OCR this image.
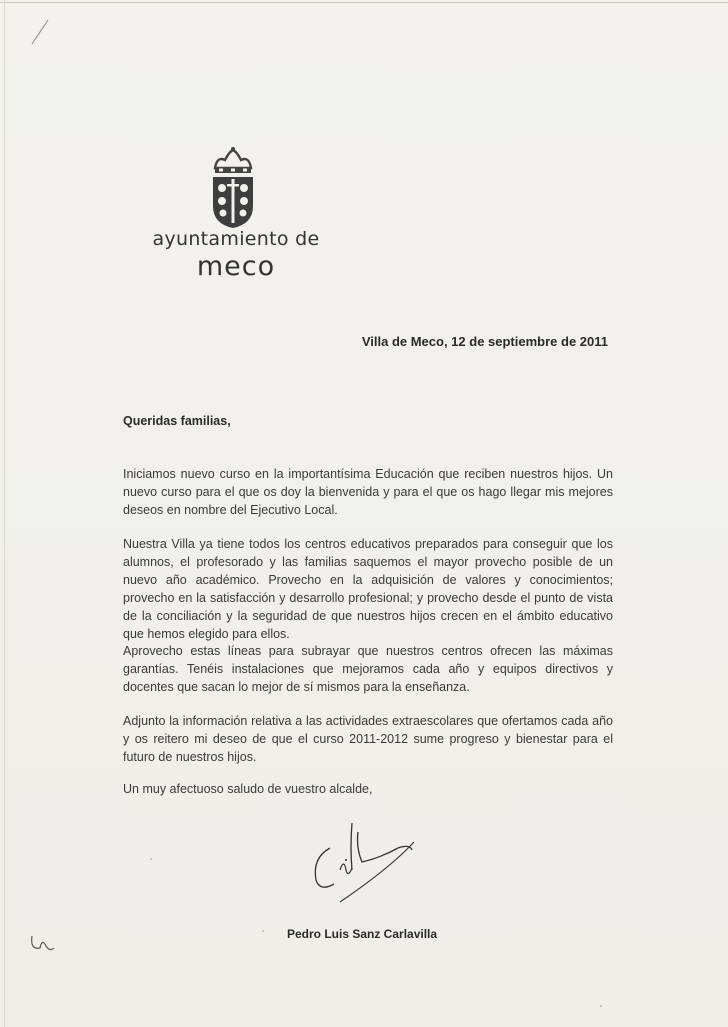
ayuntamiento de
meco
Villa de Meco, 12 de septiembre de 2011
Queridas familias,
Iniciamos nuevo curso en la importantísima Educación que reciben nuestros hijos. Un nuevo curso para el que os doy la bienvenida y para el que os hago llegar mis mejores deseos en nombre del Ejecutivo Local.
Nuestra Villa ya tiene todos los centros educativos preparados para conseguir que los alumnos, el profesorado y las familias saquemos el mayor provecho posible de un nuevo año académico. Provecho en la adquisición de valores y conocimientos; provecho en la satisfacción y desarrollo profesional; y provecho desde el punto de vista de la conciliación y la seguridad de que nuestros hijos crecen en el ámbito educativo que hemos elegido para ellos.
Aprovecho estas líneas para subrayar que nuestros centros ofrecen las máximas garantías. Tenéis instalaciones que mejoramos cada año y equipos directivos y docentes que sacan lo mejor de sí mismos para la enseñanza.
Adjunto la información relativa a las actividades extraescolares que ofertamos cada año y os reitero mi deseo de que el curso 2011-2012 sume progreso y bienestar para el futuro de nuestros hijos.
Un muy afectuoso saludo de vuestro alcalde,
Pedro Luis Sanz Carlavilla
